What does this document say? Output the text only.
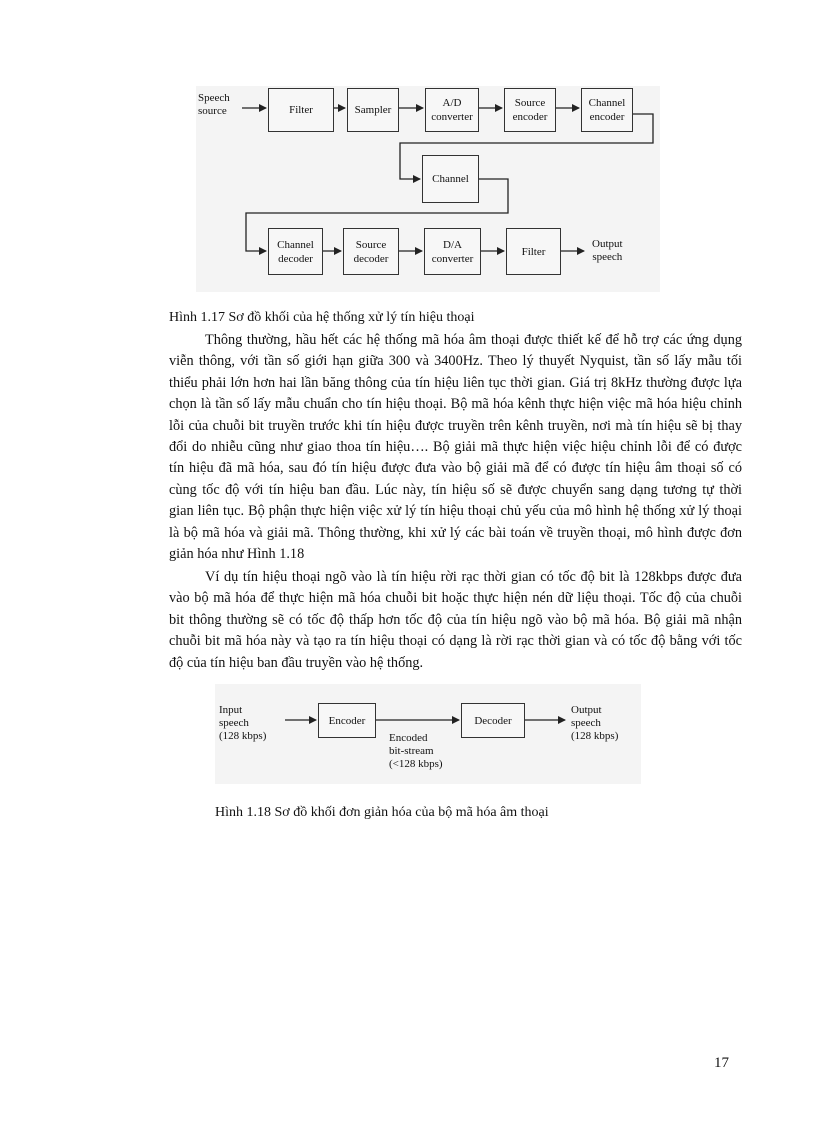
Speech
source	Filter	Sampler
A/D
converter
Source
encoder
Channel
encoder
Channel
Channel
decoder
Source
decoder
D/A
converter
Filter
Output
speech
Hình 1.17 Sơ đồ khối của hệ thống xử lý tín hiệu thoại
Thông thường, hầu hết các hệ thống mã hóa âm thoại được thiết kế để hỗ trợ các ứng dụng
viễn thông, với tần số giới hạn giữa 300 và 3400Hz. Theo lý thuyết Nyquist, tần số lấy mẫu tối
thiểu phải lớn hơn hai lần băng thông của tín hiệu liên tục thời gian. Giá trị 8kHz thường được lựa
chọn là tần số lấy mẫu chuẩn cho tín hiệu thoại. Bộ mã hóa kênh thực hiện việc mã hóa hiệu chỉnh
lỗi của chuỗi bit truyền trước khi tín hiệu được truyền trên kênh truyền, nơi mà tín hiệu sẽ bị thay
đổi do nhiễu cũng như giao thoa tín hiệu…. Bộ giải mã thực hiện việc hiệu chỉnh lỗi để có được
tín hiệu đã mã hóa, sau đó tín hiệu được đưa vào bộ giải mã để có được tín hiệu âm thoại số có
cùng tốc độ với tín hiệu ban đầu. Lúc này, tín hiệu số sẽ được chuyển sang dạng tương tự thời
gian liên tục. Bộ phận thực hiện việc xử lý tín hiệu thoại chủ yếu của mô hình hệ thống xử lý thoại
là bộ mã hóa và giải mã. Thông thường, khi xử lý các bài toán về truyền thoại, mô hình được đơn
giản hóa như Hình 1.18
Ví dụ tín hiệu thoại ngõ vào là tín hiệu rời rạc thời gian có tốc độ bit là 128kbps được đưa
vào bộ mã hóa để thực hiện mã hóa chuỗi bit hoặc thực hiện nén dữ liệu thoại. Tốc độ của chuỗi
bit thông thường sẽ có tốc độ thấp hơn tốc độ của tín hiệu ngõ vào bộ mã hóa. Bộ giải mã nhận
chuỗi bit mã hóa này và tạo ra tín hiệu thoại có dạng là rời rạc thời gian và có tốc độ bằng với tốc
độ của tín hiệu ban đầu truyền vào hệ thống.
Input
speech
(128 kbps)
Encoder
Encoded
bit-stream
(<128 kbps)
Decoder
Output
speech
(128 kbps)
Hình 1.18 Sơ đồ khối đơn giản hóa của bộ mã hóa âm thoại
17
